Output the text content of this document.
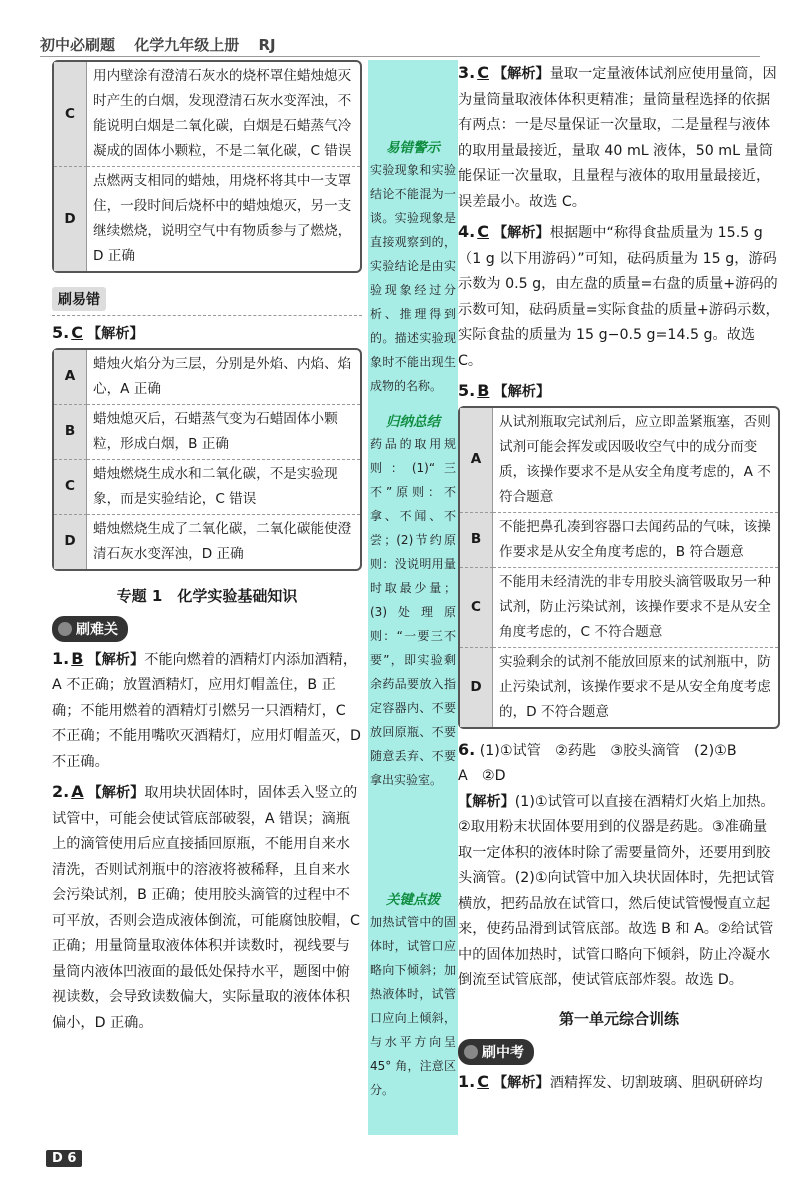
初中必刷题 化学九年级上册 RJ
易错警示
实验现象和实验结论不能混为一谈。实验现象是直接观察到的，实验结论是由实验现象经过分析、推理得到的。描述实验现象时不能出现生成物的名称。
归纳总结
药品的取用规则：(1)“三不”原则：不拿、不闻、不尝；(2)节约原则：没说明用量时取最少量；(3)处理原则：“一要三不要”，即实验剩余药品要放入指定容器内、不要放回原瓶、不要随意丢弃、不要拿出实验室。
关键点拨
加热试管中的固体时，试管口应略向下倾斜；加热液体时，试管口应向上倾斜，与水平方向呈 45° 角，注意区分。
C	用内壁涂有澄清石灰水的烧杯罩住蜡烛熄灭时产生的白烟，发现澄清石灰水变浑浊，不能说明白烟是二氧化碳，白烟是石蜡蒸气冷凝成的固体小颗粒，不是二氧化碳，C 错误
D	点燃两支相同的蜡烛，用烧杯将其中一支罩住，一段时间后烧杯中的蜡烛熄灭，另一支继续燃烧，说明空气中有物质参与了燃烧，D 正确
刷易错

5. C 【解析】

A	蜡烛火焰分为三层，分别是外焰、内焰、焰心，A 正确
B	蜡烛熄灭后，石蜡蒸气变为石蜡固体小颗粒，形成白烟，B 正确
C	蜡烛燃烧生成水和二氧化碳，不是实验现象，而是实验结论，C 错误
D	蜡烛燃烧生成了二氧化碳，二氧化碳能使澄清石灰水变浑浊，D 正确
专题 1　化学实验基础知识
刷难关

1. B 【解析】不能向燃着的酒精灯内添加酒精，A 不正确；放置酒精灯，应用灯帽盖住，B 正确；不能用燃着的酒精灯引燃另一只酒精灯，C 不正确；不能用嘴吹灭酒精灯，应用灯帽盖灭，D 不正确。

2. A 【解析】取用块状固体时，固体丢入竖立的试管中，可能会使试管底部破裂，A 错误；滴瓶上的滴管使用后应直接插回原瓶，不能用自来水清洗，否则试剂瓶中的溶液将被稀释，且自来水会污染试剂，B 正确；使用胶头滴管的过程中不可平放，否则会造成液体倒流，可能腐蚀胶帽，C 正确；用量筒量取液体体积并读数时，视线要与量筒内液体凹液面的最低处保持水平，题图中俯视读数，会导致读数偏大，实际量取的液体体积偏小，D 正确。

3. C 【解析】量取一定量液体试剂应使用量筒，因为量筒量取液体体积更精准；量筒量程选择的依据有两点：一是尽量保证一次量取，二是量程与液体的取用量最接近，量取 40 mL 液体，50 mL 量筒能保证一次量取，且量程与液体的取用量最接近，误差最小。故选 C。

4. C 【解析】根据题中“称得食盐质量为 15.5 g（1 g 以下用游码）”可知，砝码质量为 15 g，游码示数为 0.5 g，由左盘的质量=右盘的质量+游码的示数可知，砝码质量=实际食盐的质量+游码示数，实际食盐的质量为 15 g−0.5 g=14.5 g。故选 C。

5. B 【解析】

A	从试剂瓶取完试剂后，应立即盖紧瓶塞，否则试剂可能会挥发或因吸收空气中的成分而变质，该操作要求不是从安全角度考虑的，A 不符合题意
B	不能把鼻孔凑到容器口去闻药品的气味，该操作要求是从安全角度考虑的，B 符合题意
C	不能用未经清洗的非专用胶头滴管吸取另一种试剂，防止污染试剂，该操作要求不是从安全角度考虑的，C 不符合题意
D	实验剩余的试剂不能放回原来的试剂瓶中，防止污染试剂，该操作要求不是从安全角度考虑的，D 不符合题意

6. (1)①试管　②药匙　③胶头滴管　(2)①B

A　②D

【解析】(1)①试管可以直接在酒精灯火焰上加热。②取用粉末状固体要用到的仪器是药匙。③准确量取一定体积的液体时除了需要量筒外，还要用到胶头滴管。(2)①向试管中加入块状固体时，先把试管横放，把药品放在试管口，然后使试管慢慢直立起来，使药品滑到试管底部。故选 B 和 A。②给试管中的固体加热时，试管口略向下倾斜，防止冷凝水倒流至试管底部，使试管底部炸裂。故选 D。

第一单元综合训练
刷中考

1. C 【解析】酒精挥发、切割玻璃、胆矾研碎均

D 6
